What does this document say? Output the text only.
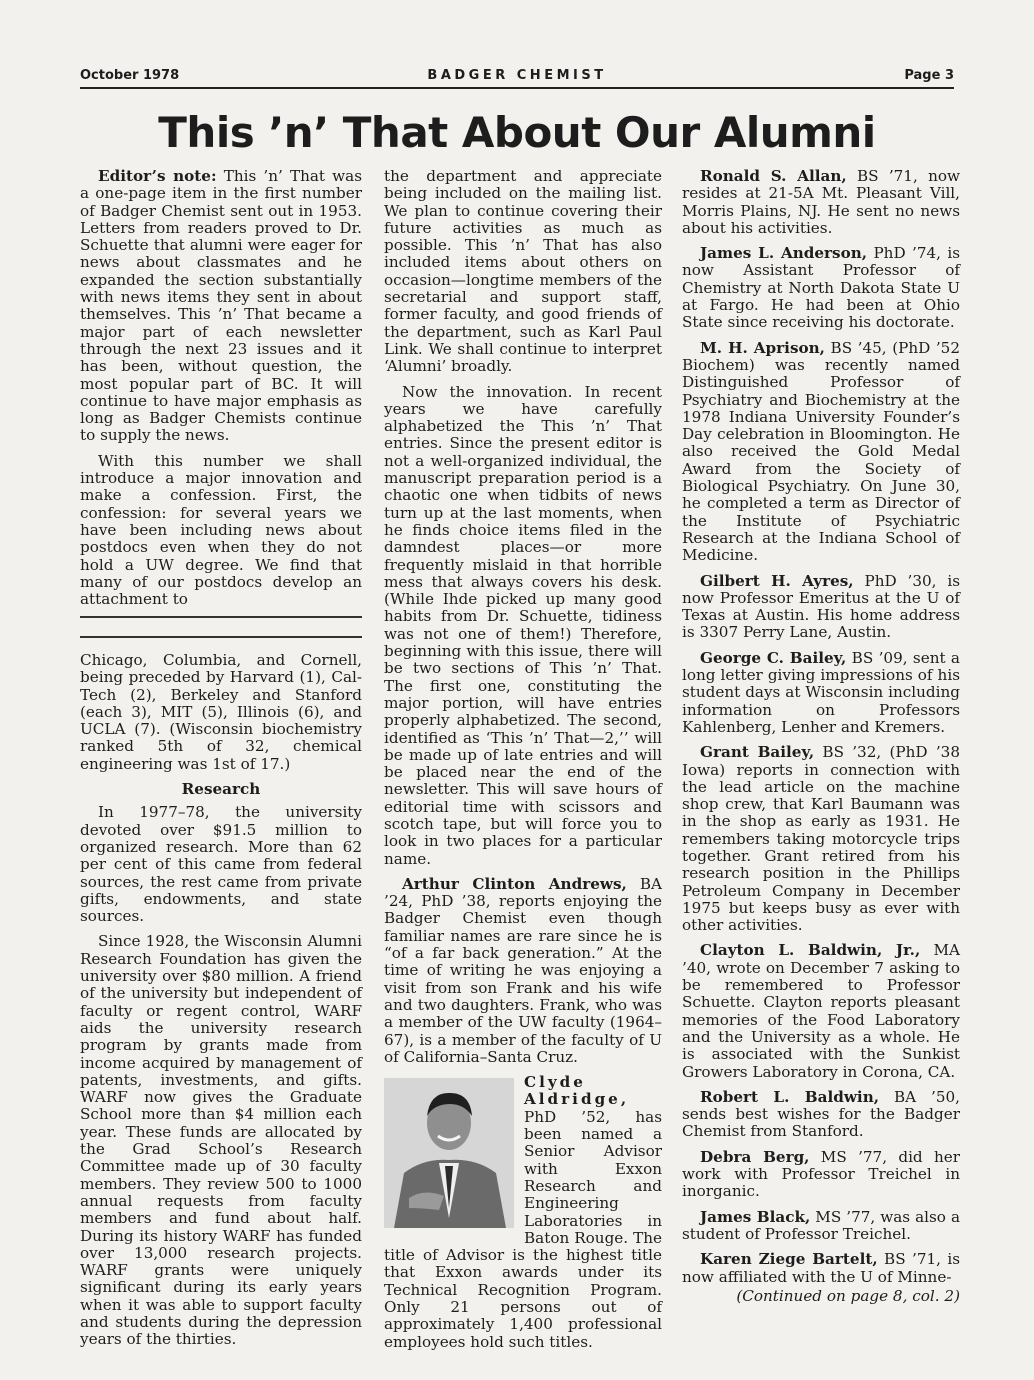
October 1978	BADGER CHEMIST	Page 3
This ’n’ That About Our Alumni

Editor’s note: This ’n’ That was a one-page item in the first number of Badger Chemist sent out in 1953. Letters from readers proved to Dr. Schuette that alumni were eager for news about classmates and he expanded the section substantially with news items they sent in about themselves. This ’n’ That became a major part of each newsletter through the next 23 issues and it has been, without question, the most popular part of BC. It will continue to have major emphasis as long as Badger Chemists continue to supply the news.

With this number we shall introduce a major innovation and make a confession. First, the confession: for several years we have been including news about postdocs even when they do not hold a UW degree. We find that many of our postdocs develop an attachment to

Chicago, Columbia, and Cornell, being preceded by Harvard (1), Cal-Tech (2), Berkeley and Stanford (each 3), MIT (5), Illinois (6), and UCLA (7). (Wisconsin biochemistry ranked 5th of 32, chemical engineering was 1st of 17.)

Research

In 1977–78, the university devoted over $91.5 million to organized research. More than 62 per cent of this came from federal sources, the rest came from private gifts, endowments, and state sources.

Since 1928, the Wisconsin Alumni Research Foundation has given the university over $80 million. A friend of the university but independent of faculty or regent control, WARF aids the university research program by grants made from income acquired by management of patents, investments, and gifts. WARF now gives the Graduate School more than $4 million each year. These funds are allocated by the Grad School’s Research Committee made up of 30 faculty members. They review 500 to 1000 annual requests from faculty members and fund about half. During its history WARF has funded over 13,000 research projects. WARF grants were uniquely significant during its early years when it was able to support faculty and students during the depression years of the thirties.

the department and appreciate being included on the mailing list. We plan to continue covering their future activities as much as possible. This ’n’ That has also included items about others on occasion—longtime members of the secretarial and support staff, former faculty, and good friends of the department, such as Karl Paul Link. We shall continue to interpret ‘Alumni’ broadly.

Now the innovation. In recent years we have carefully alphabetized the This ’n’ That entries. Since the present editor is not a well-organized individual, the manuscript preparation period is a chaotic one when tidbits of news turn up at the last moments, when he finds choice items filed in the damndest places—or more frequently mislaid in that horrible mess that always covers his desk. (While Ihde picked up many good habits from Dr. Schuette, tidiness was not one of them!) Therefore, beginning with this issue, there will be two sections of This ’n’ That. The first one, constituting the major portion, will have entries properly alphabetized. The second, identified as ‘This ’n’ That—2,’’ will be made up of late entries and will be placed near the end of the newsletter. This will save hours of editorial time with scissors and scotch tape, but will force you to look in two places for a particular name.

Arthur Clinton Andrews, BA ’24, PhD ’38, reports enjoying the Badger Chemist even though familiar names are rare since he is “of a far back generation.” At the time of writing he was enjoying a visit from son Frank and his wife and two daughters. Frank, who was a member of the UW faculty (1964–67), is a member of the faculty of U of California–Santa Cruz.

Clyde Aldridge, PhD ’52, has been named a Senior Advisor with Exxon Research and Engineering Laboratories in Baton Rouge. The title of Advisor is the highest title that Exxon awards under its Technical Recognition Program. Only 21 persons out of approximately 1,400 professional employees hold such titles.

Ronald S. Allan, BS ’71, now resides at 21-5A Mt. Pleasant Vill, Morris Plains, NJ. He sent no news about his activities.

James L. Anderson, PhD ’74, is now Assistant Professor of Chemistry at North Dakota State U at Fargo. He had been at Ohio State since receiving his doctorate.

M. H. Aprison, BS ’45, (PhD ’52 Biochem) was recently named Distinguished Professor of Psychiatry and Biochemistry at the 1978 Indiana University Founder’s Day celebration in Bloomington. He also received the Gold Medal Award from the Society of Biological Psychiatry. On June 30, he completed a term as Director of the Institute of Psychiatric Research at the Indiana School of Medicine.

Gilbert H. Ayres, PhD ’30, is now Professor Emeritus at the U of Texas at Austin. His home address is 3307 Perry Lane, Austin.

George C. Bailey, BS ’09, sent a long letter giving impressions of his student days at Wisconsin including information on Professors Kahlenberg, Lenher and Kremers.

Grant Bailey, BS ’32, (PhD ’38 Iowa) reports in connection with the lead article on the machine shop crew, that Karl Baumann was in the shop as early as 1931. He remembers taking motorcycle trips together. Grant retired from his research position in the Phillips Petroleum Company in December 1975 but keeps busy as ever with other activities.

Clayton L. Baldwin, Jr., MA ’40, wrote on December 7 asking to be remembered to Professor Schuette. Clayton reports pleasant memories of the Food Laboratory and the University as a whole. He is associated with the Sunkist Growers Laboratory in Corona, CA.

Robert L. Baldwin, BA ’50, sends best wishes for the Badger Chemist from Stanford.

Debra Berg, MS ’77, did her work with Professor Treichel in inorganic.

James Black, MS ’77, was also a student of Professor Treichel.

Karen Ziege Bartelt, BS ’71, is now affiliated with the U of Minne-

(Continued on page 8, col. 2)
